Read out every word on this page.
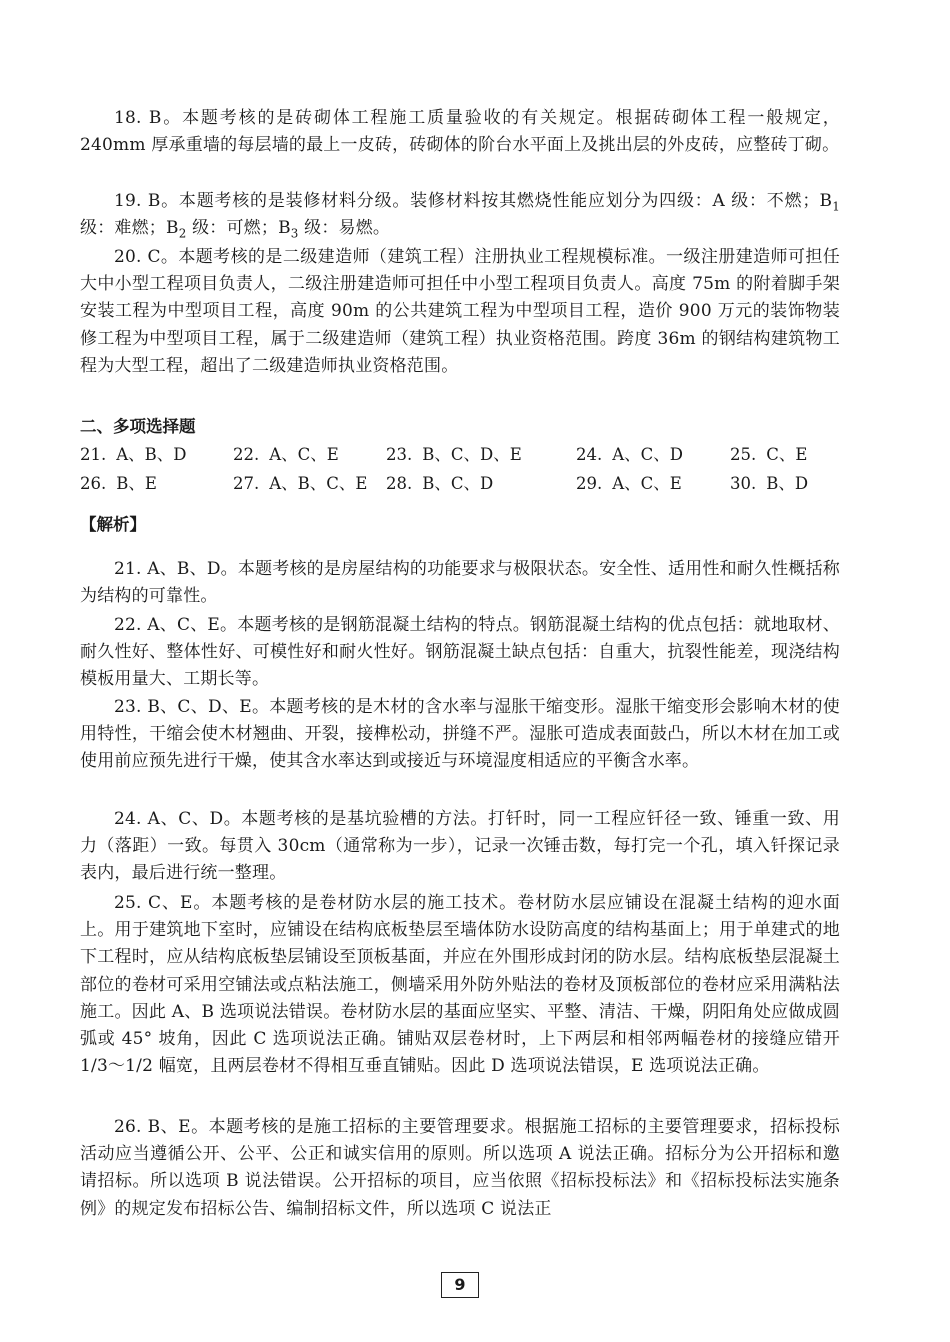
18. B。本题考核的是砖砌体工程施工质量验收的有关规定。根据砖砌体工程一般规定，240mm 厚承重墙的每层墙的最上一皮砖，砖砌体的阶台水平面上及挑出层的外皮砖，应整砖丁砌。

19. B。本题考核的是装修材料分级。装修材料按其燃烧性能应划分为四级：A 级：不燃；$B_1$ 级：难燃；$B_2$ 级：可燃；$B_3$ 级：易燃。

20. C。本题考核的是二级建造师（建筑工程）注册执业工程规模标准。一级注册建造师可担任大中小型工程项目负责人，二级注册建造师可担任中小型工程项目负责人。高度 75m 的附着脚手架安装工程为中型项目工程，高度 90m 的公共建筑工程为中型项目工程，造价 900 万元的装饰物装修工程为中型项目工程，属于二级建造师（建筑工程）执业资格范围。跨度 36m 的钢结构建筑物工程为大型工程，超出了二级建造师执业资格范围。

二、多项选择题
21. A、B、D	22. A、C、E	23. B、C、D、E	24. A、C、D	25. C、E
26. B、E	27. A、B、C、E 28. B、C、D	29. A、C、E	30. B、D
【解析】

21. A、B、D。本题考核的是房屋结构的功能要求与极限状态。安全性、适用性和耐久性概括称为结构的可靠性。

22. A、C、E。本题考核的是钢筋混凝土结构的特点。钢筋混凝土结构的优点包括：就地取材、耐久性好、整体性好、可模性好和耐火性好。钢筋混凝土缺点包括：自重大，抗裂性能差，现浇结构模板用量大、工期长等。

23. B、C、D、E。本题考核的是木材的含水率与湿胀干缩变形。湿胀干缩变形会影响木材的使用特性，干缩会使木材翘曲、开裂，接榫松动，拼缝不严。湿胀可造成表面鼓凸，所以木材在加工或使用前应预先进行干燥，使其含水率达到或接近与环境湿度相适应的平衡含水率。

24. A、C、D。本题考核的是基坑验槽的方法。打钎时，同一工程应钎径一致、锤重一致、用力（落距）一致。每贯入 30cm（通常称为一步），记录一次锤击数，每打完一个孔，填入钎探记录表内，最后进行统一整理。

25. C、E。本题考核的是卷材防水层的施工技术。卷材防水层应铺设在混凝土结构的迎水面上。用于建筑地下室时，应铺设在结构底板垫层至墙体防水设防高度的结构基面上；用于单建式的地下工程时，应从结构底板垫层铺设至顶板基面，并应在外围形成封闭的防水层。结构底板垫层混凝土部位的卷材可采用空铺法或点粘法施工，侧墙采用外防外贴法的卷材及顶板部位的卷材应采用满粘法施工。因此 A、B 选项说法错误。卷材防水层的基面应坚实、平整、清洁、干燥，阴阳角处应做成圆弧或 45° 坡角，因此 C 选项说法正确。铺贴双层卷材时，上下两层和相邻两幅卷材的接缝应错开 1/3～1/2 幅宽，且两层卷材不得相互垂直铺贴。因此 D 选项说法错误，E 选项说法正确。

26. B、E。本题考核的是施工招标的主要管理要求。根据施工招标的主要管理要求，招标投标活动应当遵循公开、公平、公正和诚实信用的原则。所以选项 A 说法正确。招标分为公开招标和邀请招标。所以选项 B 说法错误。公开招标的项目，应当依照《招标投标法》和《招标投标法实施条例》的规定发布招标公告、编制招标文件，所以选项 C 说法正

9
